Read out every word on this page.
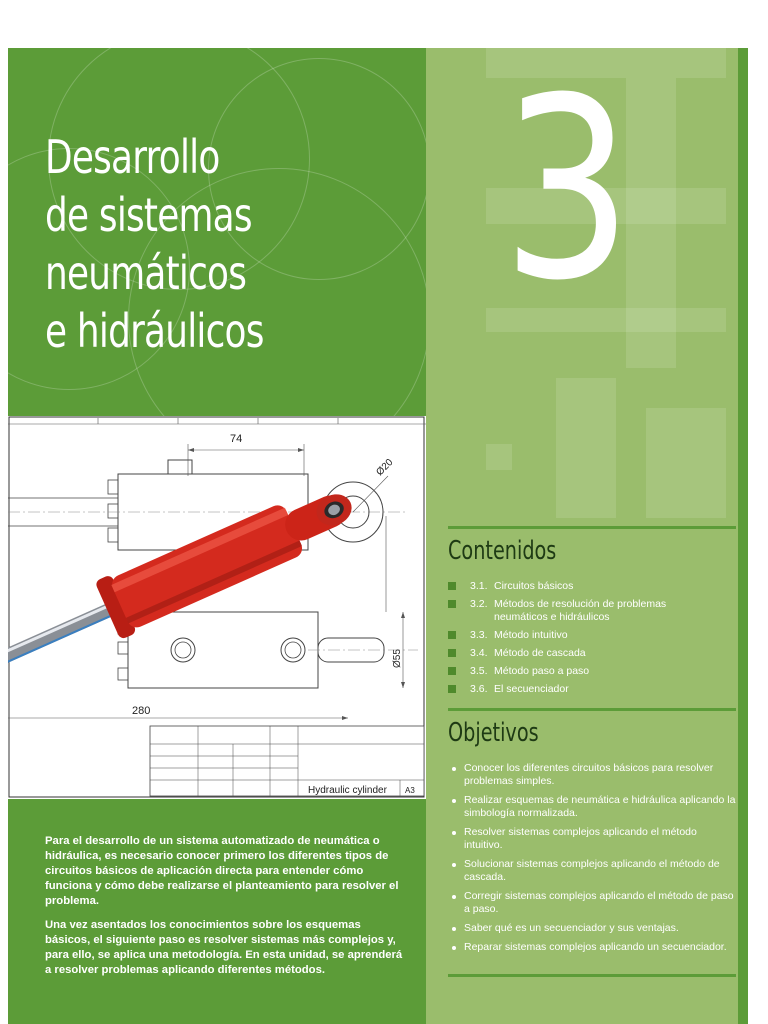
Desarrollo
de sistemas
neumáticos
e hidráulicos
74
Ø20
Ø55
280
Hydraulic cylinder A3

Para el desarrollo de un sistema automatizado de neumática o hidráulica, es necesario conocer primero los diferentes tipos de circuitos básicos de aplicación directa para entender cómo funciona y cómo debe realizarse el planteamiento para resolver el problema.

Una vez asentados los conocimientos sobre los esquemas básicos, el siguiente paso es resolver sistemas más complejos y, para ello, se aplica una metodología. En esta unidad, se aprenderá a resolver problemas aplicando diferentes métodos.

3
Contenidos
3.1. Circuitos básicos
3.2. Métodos de resolución de problemas neumáticos e hidráulicos
3.3. Método intuitivo
3.4. Método de cascada
3.5. Método paso a paso
3.6. El secuenciador
Objetivos
Conocer los diferentes circuitos básicos para resolver problemas simples.
Realizar esquemas de neumática e hidráulica aplicando la simbología normalizada.
Resolver sistemas complejos aplicando el método intuitivo.
Solucionar sistemas complejos aplicando el método de cascada.
Corregir sistemas complejos aplicando el método de paso a paso.
Saber qué es un secuenciador y sus ventajas.
Reparar sistemas complejos aplicando un secuenciador.
